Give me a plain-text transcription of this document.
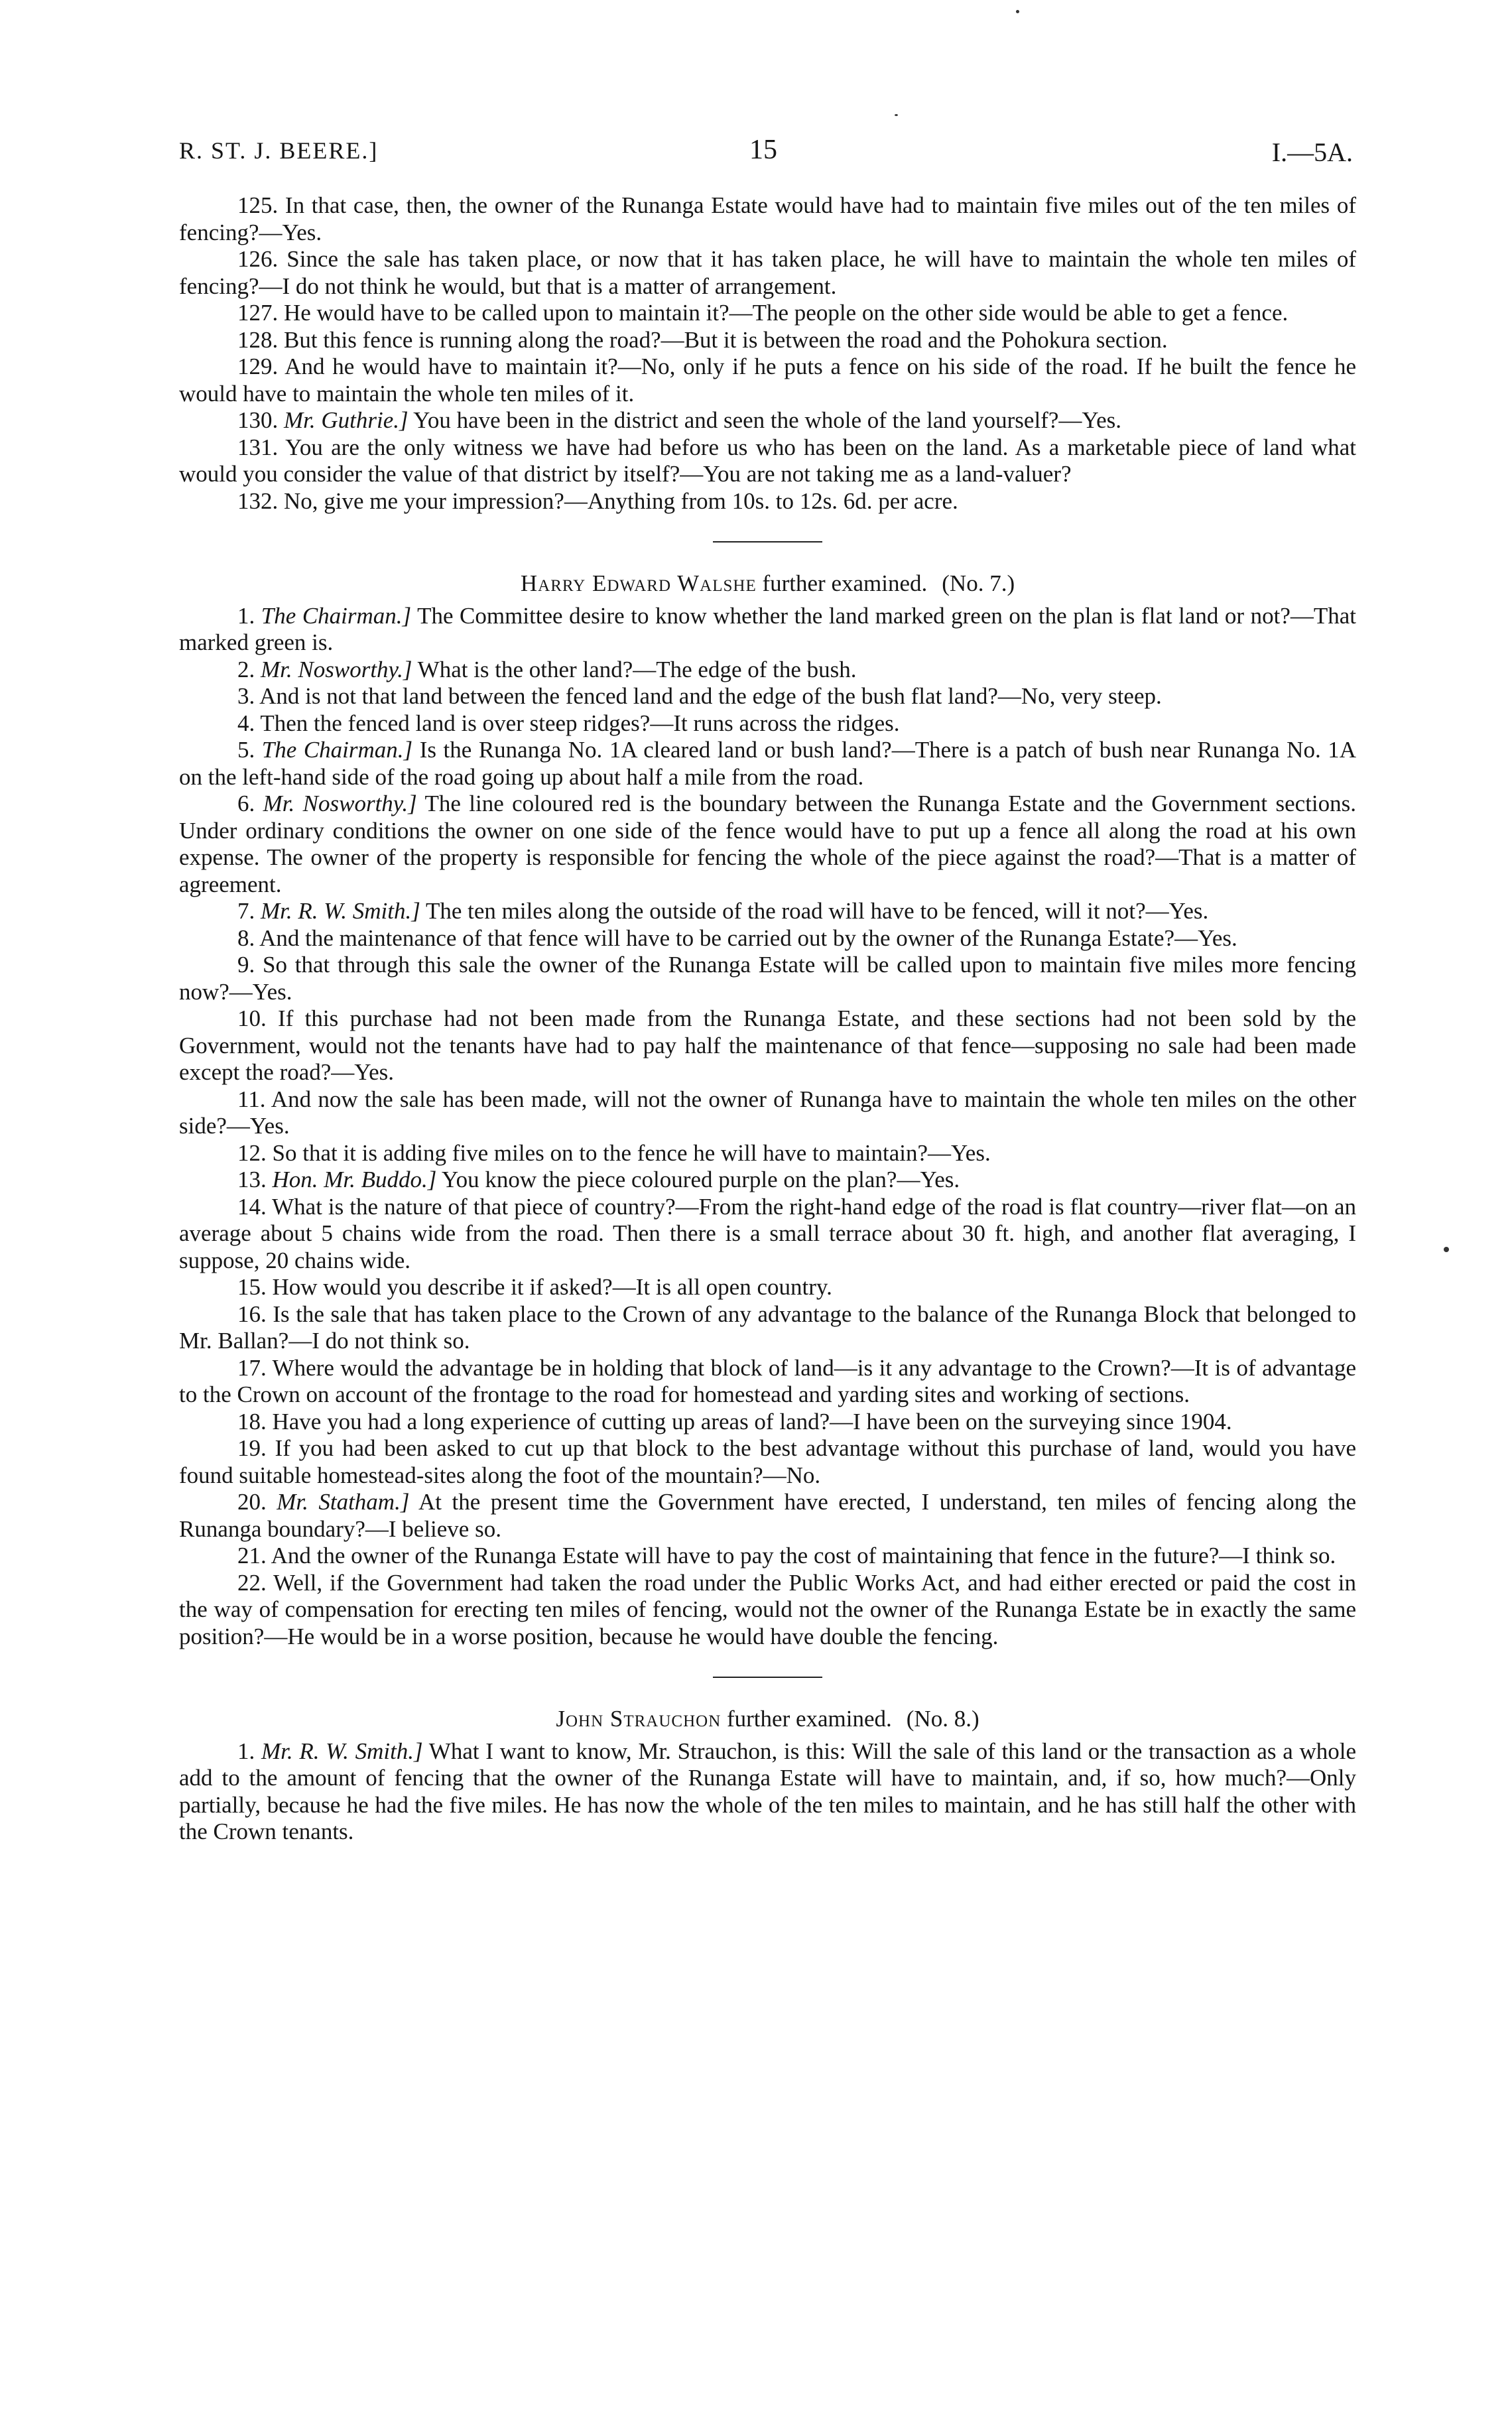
R. ST. J. BEERE.]	15	I.—5A.

125. In that case, then, the owner of the Runanga Estate would have had to maintain five miles out of the ten miles of fencing?—Yes.

126. Since the sale has taken place, or now that it has taken place, he will have to maintain the whole ten miles of fencing?—I do not think he would, but that is a matter of arrangement.

127. He would have to be called upon to maintain it?—The people on the other side would be able to get a fence.

128. But this fence is running along the road?—But it is between the road and the Pohokura section.

129. And he would have to maintain it?—No, only if he puts a fence on his side of the road. If he built the fence he would have to maintain the whole ten miles of it.

130. Mr. Guthrie.] You have been in the district and seen the whole of the land yourself?—Yes.

131. You are the only witness we have had before us who has been on the land. As a marketable piece of land what would you consider the value of that district by itself?—You are not taking me as a land-valuer?

132. No, give me your impression?—Anything from 10s. to 12s. 6d. per acre.

Harry Edward Walshe further examined. (No. 7.)

1. The Chairman.] The Committee desire to know whether the land marked green on the plan is flat land or not?—That marked green is.

2. Mr. Nosworthy.] What is the other land?—The edge of the bush.

3. And is not that land between the fenced land and the edge of the bush flat land?—No, very steep.

4. Then the fenced land is over steep ridges?—It runs across the ridges.

5. The Chairman.] Is the Runanga No. 1A cleared land or bush land?—There is a patch of bush near Runanga No. 1A on the left-hand side of the road going up about half a mile from the road.

6. Mr. Nosworthy.] The line coloured red is the boundary between the Runanga Estate and the Government sections. Under ordinary conditions the owner on one side of the fence would have to put up a fence all along the road at his own expense. The owner of the property is responsible for fencing the whole of the piece against the road?—That is a matter of agreement.

7. Mr. R. W. Smith.] The ten miles along the outside of the road will have to be fenced, will it not?—Yes.

8. And the maintenance of that fence will have to be carried out by the owner of the Runanga Estate?—Yes.

9. So that through this sale the owner of the Runanga Estate will be called upon to maintain five miles more fencing now?—Yes.

10. If this purchase had not been made from the Runanga Estate, and these sections had not been sold by the Government, would not the tenants have had to pay half the maintenance of that fence—supposing no sale had been made except the road?—Yes.

11. And now the sale has been made, will not the owner of Runanga have to maintain the whole ten miles on the other side?—Yes.

12. So that it is adding five miles on to the fence he will have to maintain?—Yes.

13. Hon. Mr. Buddo.] You know the piece coloured purple on the plan?—Yes.

14. What is the nature of that piece of country?—From the right-hand edge of the road is flat country—river flat—on an average about 5 chains wide from the road. Then there is a small terrace about 30 ft. high, and another flat averaging, I suppose, 20 chains wide.

15. How would you describe it if asked?—It is all open country.

16. Is the sale that has taken place to the Crown of any advantage to the balance of the Runanga Block that belonged to Mr. Ballan?—I do not think so.

17. Where would the advantage be in holding that block of land—is it any advantage to the Crown?—It is of advantage to the Crown on account of the frontage to the road for homestead and yarding sites and working of sections.

18. Have you had a long experience of cutting up areas of land?—I have been on the surveying since 1904.

19. If you had been asked to cut up that block to the best advantage without this purchase of land, would you have found suitable homestead-sites along the foot of the mountain?—No.

20. Mr. Statham.] At the present time the Government have erected, I understand, ten miles of fencing along the Runanga boundary?—I believe so.

21. And the owner of the Runanga Estate will have to pay the cost of maintaining that fence in the future?—I think so.

22. Well, if the Government had taken the road under the Public Works Act, and had either erected or paid the cost in the way of compensation for erecting ten miles of fencing, would not the owner of the Runanga Estate be in exactly the same position?—He would be in a worse position, because he would have double the fencing.

John Strauchon further examined. (No. 8.)

1. Mr. R. W. Smith.] What I want to know, Mr. Strauchon, is this: Will the sale of this land or the transaction as a whole add to the amount of fencing that the owner of the Runanga Estate will have to maintain, and, if so, how much?—Only partially, because he had the five miles. He has now the whole of the ten miles to maintain, and he has still half the other with the Crown tenants.
